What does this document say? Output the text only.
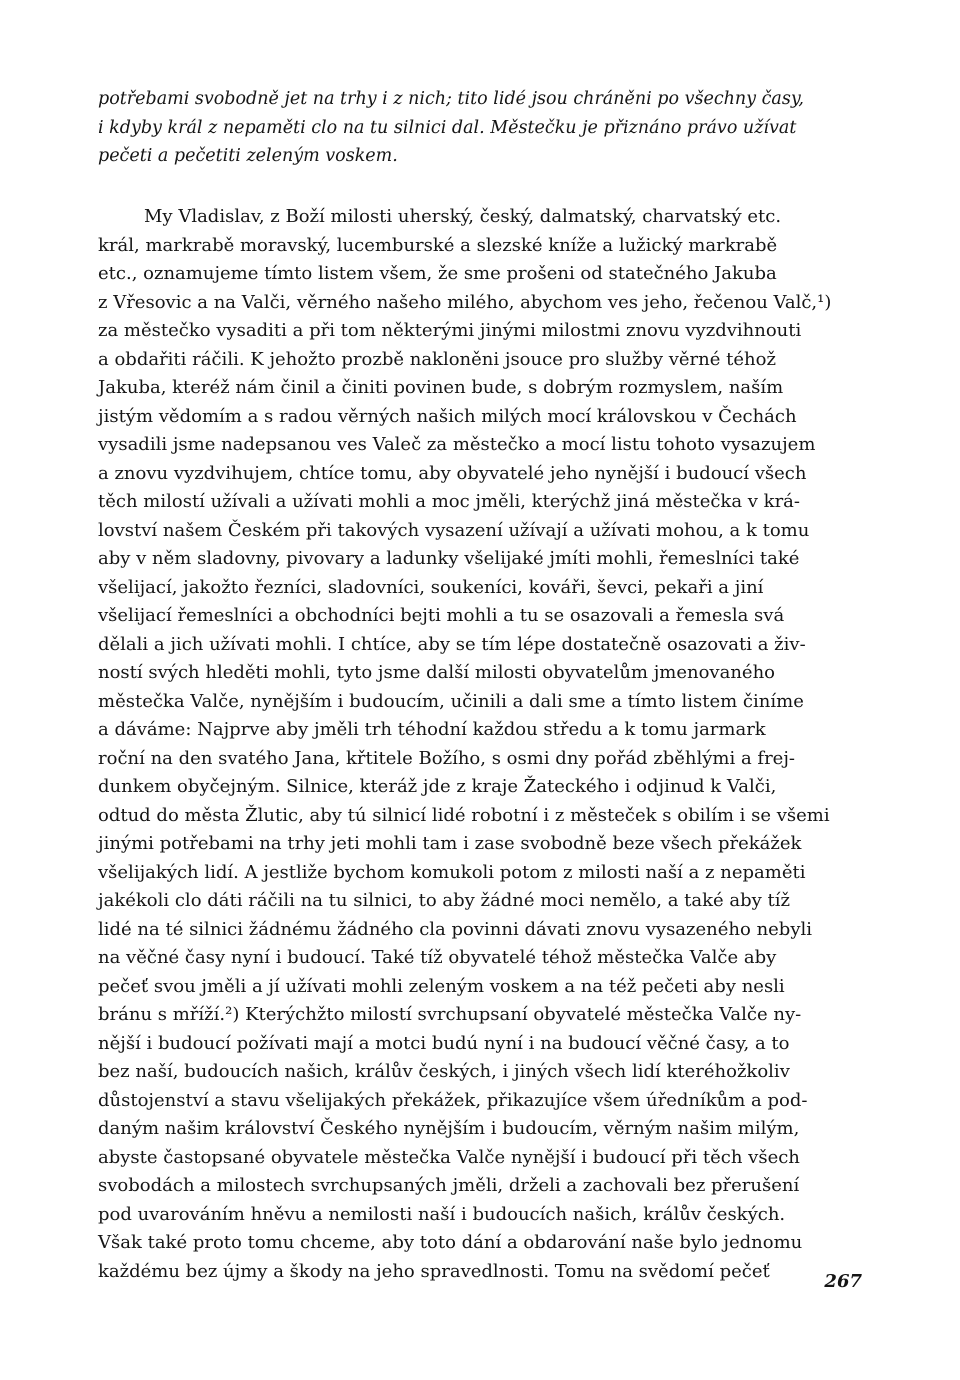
potřebami svobodně jet na trhy i z nich; tito lidé jsou chráněni po všechny časy,
i kdyby král z nepaměti clo na tu silnici dal. Městečku je přiznáno právo užívat
pečeti a pečetiti zeleným voskem.
My Vladislav, z Boží milosti uherský, český, dalmatský, charvatský etc.
král, markrabě moravský, lucemburské a slezské kníže a lužický markrabě
etc., oznamujeme tímto listem všem, že sme prošeni od statečného Jakuba
z Vřesovic a na Valči, věrného našeho milého, abychom ves jeho, řečenou Valč,¹)
za městečko vysaditi a při tom některými jinými milostmi znovu vyzdvihnouti
a obdařiti ráčili. K jehožto prozbě nakloněni jsouce pro služby věrné téhož
Jakuba, kteréž nám činil a činiti povinen bude, s dobrým rozmyslem, naším
jistým vědomím a s radou věrných našich milých mocí královskou v Čechách
vysadili jsme nadepsanou ves Valeč za městečko a mocí listu tohoto vysazujem
a znovu vyzdvihujem, chtíce tomu, aby obyvatelé jeho nynější i budoucí všech
těch milostí užívali a užívati mohli a moc jměli, kterýchž jiná městečka v krá-
lovství našem Českém při takových vysazení užívají a užívati mohou, a k tomu
aby v něm sladovny, pivovary a ladunky všelijaké jmíti mohli, řemeslníci také
všelijací, jakožto řezníci, sladovníci, soukeníci, kováři, ševci, pekaři a jiní
všelijací řemeslníci a obchodníci bejti mohli a tu se osazovali a řemesla svá
dělali a jich užívati mohli. I chtíce, aby se tím lépe dostatečně osazovati a živ-
ností svých hleděti mohli, tyto jsme další milosti obyvatelům jmenovaného
městečka Valče, nynějším i budoucím, učinili a dali sme a tímto listem činíme
a dáváme: Najprve aby jměli trh téhodní každou středu a k tomu jarmark
roční na den svatého Jana, křtitele Božího, s osmi dny pořád zběhlými a frej-
dunkem obyčejným. Silnice, kteráž jde z kraje Žateckého i odjinud k Valči,
odtud do města Žlutic, aby tú silnicí lidé robotní i z městeček s obilím i se všemi
jinými potřebami na trhy jeti mohli tam i zase svobodně beze všech překážek
všelijakých lidí. A jestliže bychom komukoli potom z milosti naší a z nepaměti
jakékoli clo dáti ráčili na tu silnici, to aby žádné moci nemělo, a také aby tíž
lidé na té silnici žádnému žádného cla povinni dávati znovu vysazeného nebyli
na věčné časy nyní i budoucí. Také tíž obyvatelé téhož městečka Valče aby
pečeť svou jměli a jí užívati mohli zeleným voskem a na též pečeti aby nesli
bránu s mříží.²) Kterýchžto milostí svrchupsaní obyvatelé městečka Valče ny-
nější i budoucí požívati mají a motci budú nyní i na budoucí věčné časy, a to
bez naší, budoucích našich, králův českých, i jiných všech lidí kteréhožkoliv
důstojenství a stavu všelijakých překážek, přikazujíce všem úředníkům a pod-
daným našim království Českého nynějším i budoucím, věrným našim milým,
abyste častopsané obyvatele městečka Valče nynější i budoucí při těch všech
svobodách a milostech svrchupsaných jměli, drželi a zachovali bez přerušení
pod uvarováním hněvu a nemilosti naší i budoucích našich, králův českých.
Však také proto tomu chceme, aby toto dání a obdarování naše bylo jednomu
každému bez újmy a škody na jeho spravedlnosti. Tomu na svědomí pečeť	267
